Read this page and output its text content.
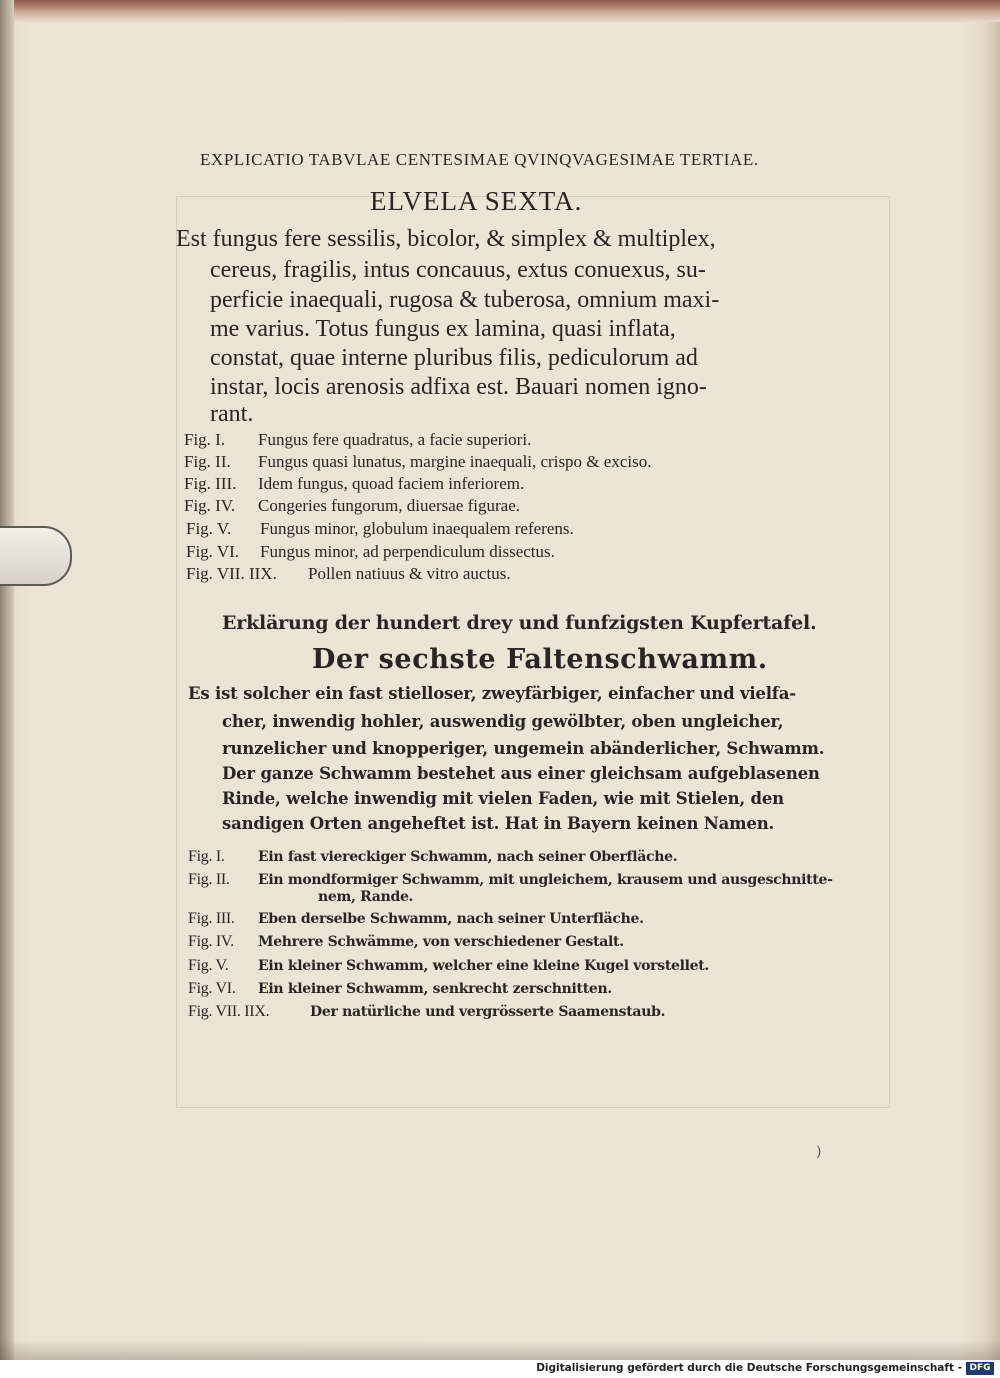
EXPLICATIO TABVLAE CENTESIMAE QVINQVAGESIMAE TERTIAE.
ELVELA SEXTA.
Est fungus fere sessilis, bicolor, & simplex & multiplex,
cereus, fragilis, intus concauus, extus conuexus, su-
perficie inaequali, rugosa & tuberosa, omnium maxi-
me varius. Totus fungus ex lamina, quasi inflata,
constat, quae interne pluribus filis, pediculorum ad
instar, locis arenosis adfixa est. Bauari nomen igno-
rant.
Fig. I. Fungus fere quadratus, a facie superiori.
Fig. II. Fungus quasi lunatus, margine inaequali, crispo & exciso.
Fig. III. Idem fungus, quoad faciem inferiorem.
Fig. IV. Congeries fungorum, diuersae figurae.
Fig. V. Fungus minor, globulum inaequalem referens.
Fig. VI. Fungus minor, ad perpendiculum dissectus.
Fig. VII. IIX. Pollen natiuus & vitro auctus.
Erklärung der hundert drey und funfzigsten Kupfertafel.
Der sechste Faltenschwamm.
Es ist solcher ein fast stielloser, zweyfärbiger, einfacher und vielfa-
cher, inwendig hohler, auswendig gewölbter, oben ungleicher,
runzelicher und knopperiger, ungemein abänderlicher, Schwamm.
Der ganze Schwamm bestehet aus einer gleichsam aufgeblasenen
Rinde, welche inwendig mit vielen Faden, wie mit Stielen, den
sandigen Orten angeheftet ist. Hat in Bayern keinen Namen.
Fig. I. Ein fast viereckiger Schwamm, nach seiner Oberfläche.
Fig. II. Ein mondformiger Schwamm, mit ungleichem, krausem und ausgeschnitte-
nem, Rande.
Fig. III. Eben derselbe Schwamm, nach seiner Unterfläche.
Fig. IV. Mehrere Schwämme, von verschiedener Gestalt.
Fig. V. Ein kleiner Schwamm, welcher eine kleine Kugel vorstellet.
Fig. VI. Ein kleiner Schwamm, senkrecht zerschnitten.
Fig. VII. IIX.	Der natürliche und vergrösserte Saamenstaub.
)
Digitalisierung gefördert durch die Deutsche Forschungsgemeinschaft - DFG
